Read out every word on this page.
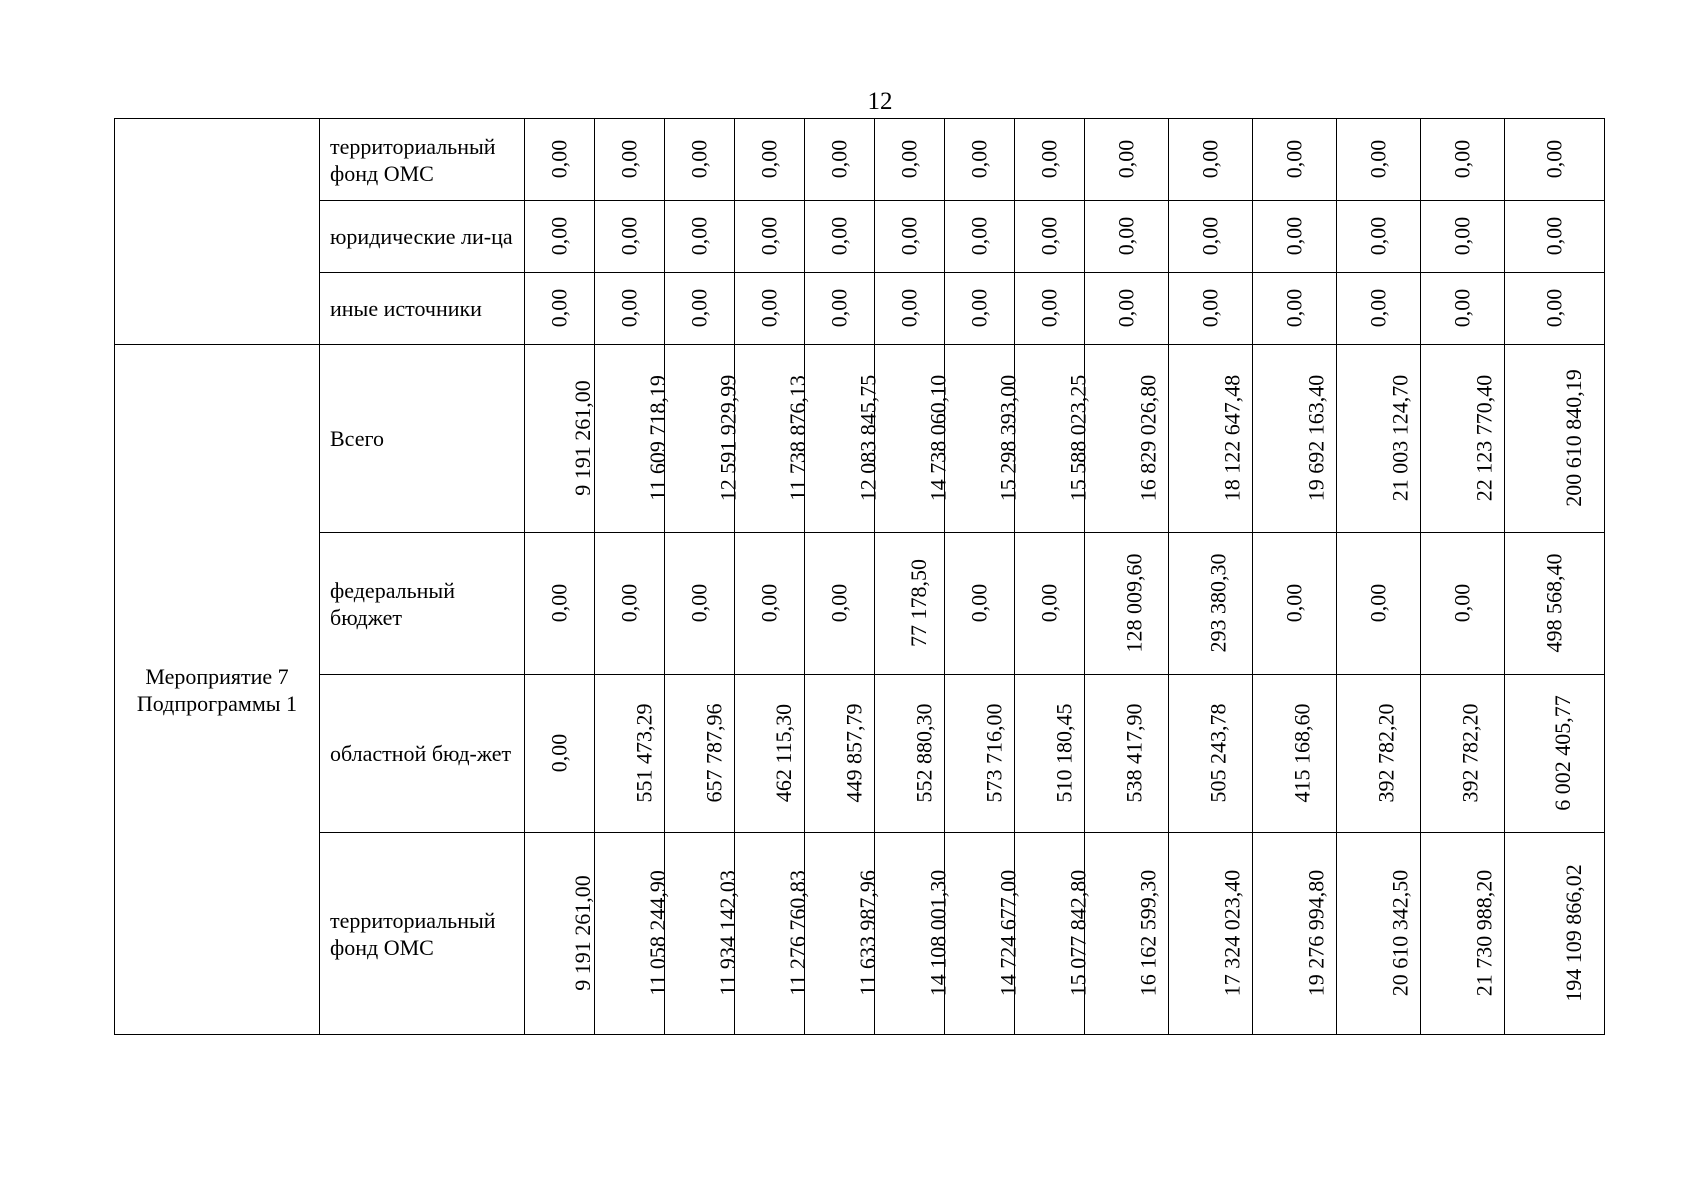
12
	территориальный фонд ОМС	0,00	0,00	0,00	0,00	0,00	0,00	0,00	0,00	0,00	0,00	0,00	0,00	0,00	0,00
	юридические ли-ца	0,00	0,00	0,00	0,00	0,00	0,00	0,00	0,00	0,00	0,00	0,00	0,00	0,00	0,00
	иные источники	0,00	0,00	0,00	0,00	0,00	0,00	0,00	0,00	0,00	0,00	0,00	0,00	0,00	0,00
Мероприятие 7 Подпрограммы 1	Всего	9 191 261,00	11 609 718,19	12 591 929,99	11 738 876,13	12 083 845,75	14 738 060,10	15 298 393,00	15 588 023,25	16 829 026,80	18 122 647,48	19 692 163,40	21 003 124,70	22 123 770,40	200 610 840,19
	федеральный бюджет	0,00	0,00	0,00	0,00	0,00	77 178,50	0,00	0,00	128 009,60	293 380,30	0,00	0,00	0,00	498 568,40
	областной бюд-жет	0,00	551 473,29	657 787,96	462 115,30	449 857,79	552 880,30	573 716,00	510 180,45	538 417,90	505 243,78	415 168,60	392 782,20	392 782,20	6 002 405,77
	территориальный фонд ОМС	9 191 261,00	11 058 244,90	11 934 142,03	11 276 760,83	11 633 987,96	14 108 001,30	14 724 677,00	15 077 842,80	16 162 599,30	17 324 023,40	19 276 994,80	20 610 342,50	21 730 988,20	194 109 866,02
